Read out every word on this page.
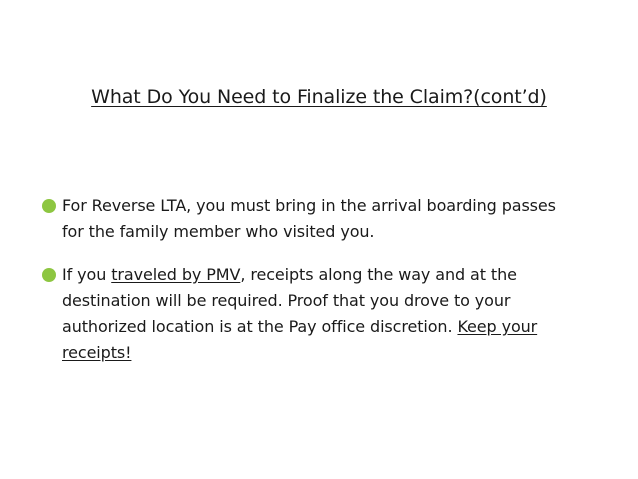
What Do You Need to Finalize the Claim?(cont’d)
For Reverse LTA, you must bring in the arrival boarding passes
for the family member who visited you.
If you traveled by PMV, receipts along the way and at the
destination will be required. Proof that you drove to your
authorized location is at the Pay office discretion. Keep your
receipts!
